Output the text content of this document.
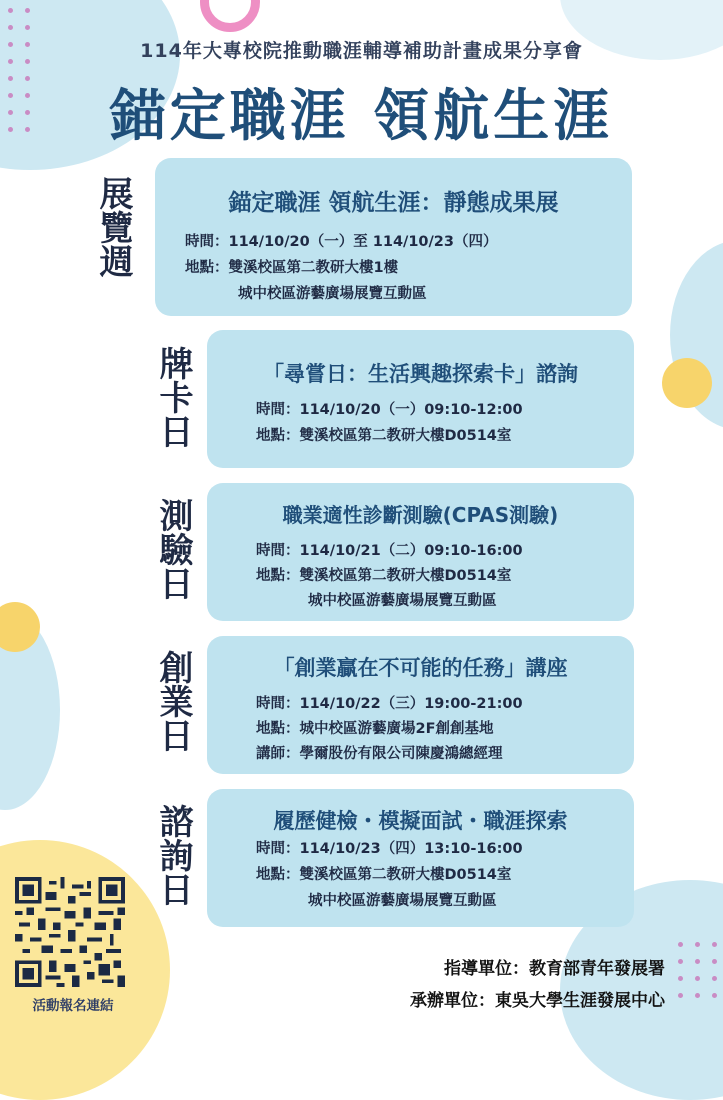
114年大專校院推動職涯輔導補助計畫成果分享會
錨定職涯 領航生涯
展覽週	錨定職涯 領航生涯：靜態成果展
時間：114/10/20（一）至 114/10/23（四）
地點：雙溪校區第二教研大樓1樓
城中校區游藝廣場展覽互動區
牌卡日	「尋嘗日：生活興趣探索卡」諮詢
時間：114/10/20（一）09:10-12:00
地點：雙溪校區第二教研大樓D0514室
測驗日	職業適性診斷測驗(CPAS測驗)
時間：114/10/21（二）09:10-16:00
地點：雙溪校區第二教研大樓D0514室
城中校區游藝廣場展覽互動區
創業日	「創業贏在不可能的任務」講座
時間：114/10/22（三）19:00-21:00
地點：城中校區游藝廣場2F創創基地
講師：學爾股份有限公司陳慶鴻總經理
諮詢日	履歷健檢・模擬面試・職涯探索
時間：114/10/23（四）13:10-16:00
地點：雙溪校區第二教研大樓D0514室
城中校區游藝廣場展覽互動區
活動報名連結
指導單位：教育部青年發展署
承辦單位：東吳大學生涯發展中心
